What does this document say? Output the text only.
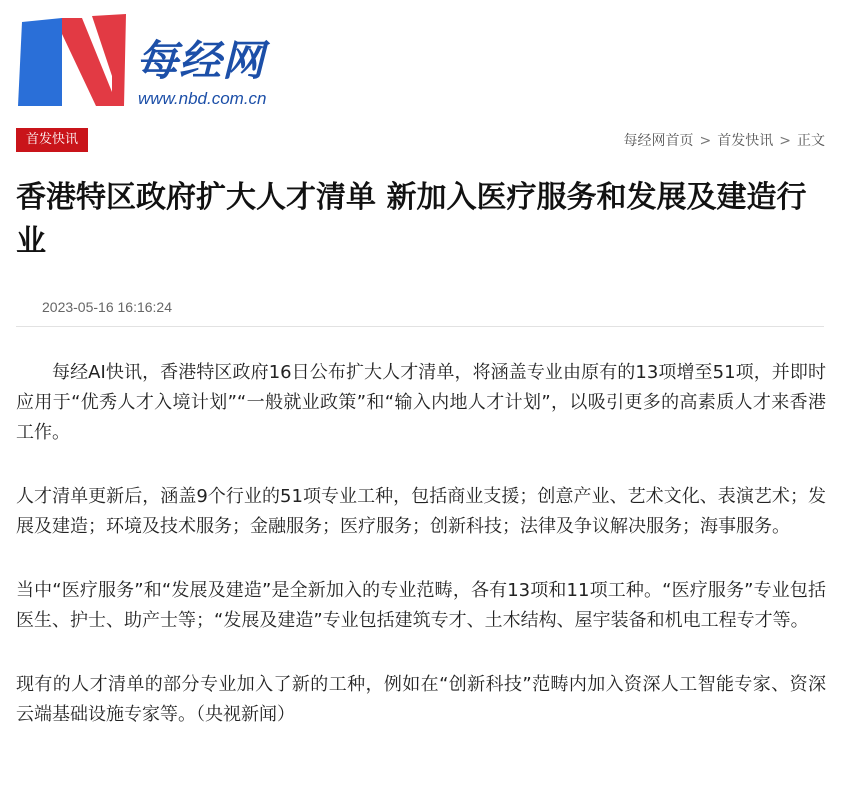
每经网
www.nbd.com.cn
首发快讯	每经网首页 > 首发快讯 > 正文
香港特区政府扩大人才清单 新加入医疗服务和发展及建造行业
2023-05-16 16:16:24

每经AI快讯，香港特区政府16日公布扩大人才清单，将涵盖专业由原有的13项增至51项，并即时应用于“优秀人才入境计划”“一般就业政策”和“输入内地人才计划”，以吸引更多的高素质人才来香港工作。

人才清单更新后，涵盖9个行业的51项专业工种，包括商业支援；创意产业、艺术文化、表演艺术；发展及建造；环境及技术服务；金融服务；医疗服务；创新科技；法律及争议解决服务；海事服务。

当中“医疗服务”和“发展及建造”是全新加入的专业范畴，各有13项和11项工种。“医疗服务”专业包括医生、护士、助产士等；“发展及建造”专业包括建筑专才、土木结构、屋宇装备和机电工程专才等。

现有的人才清单的部分专业加入了新的工种，例如在“创新科技”范畴内加入资深人工智能专家、资深云端基础设施专家等。（央视新闻）
